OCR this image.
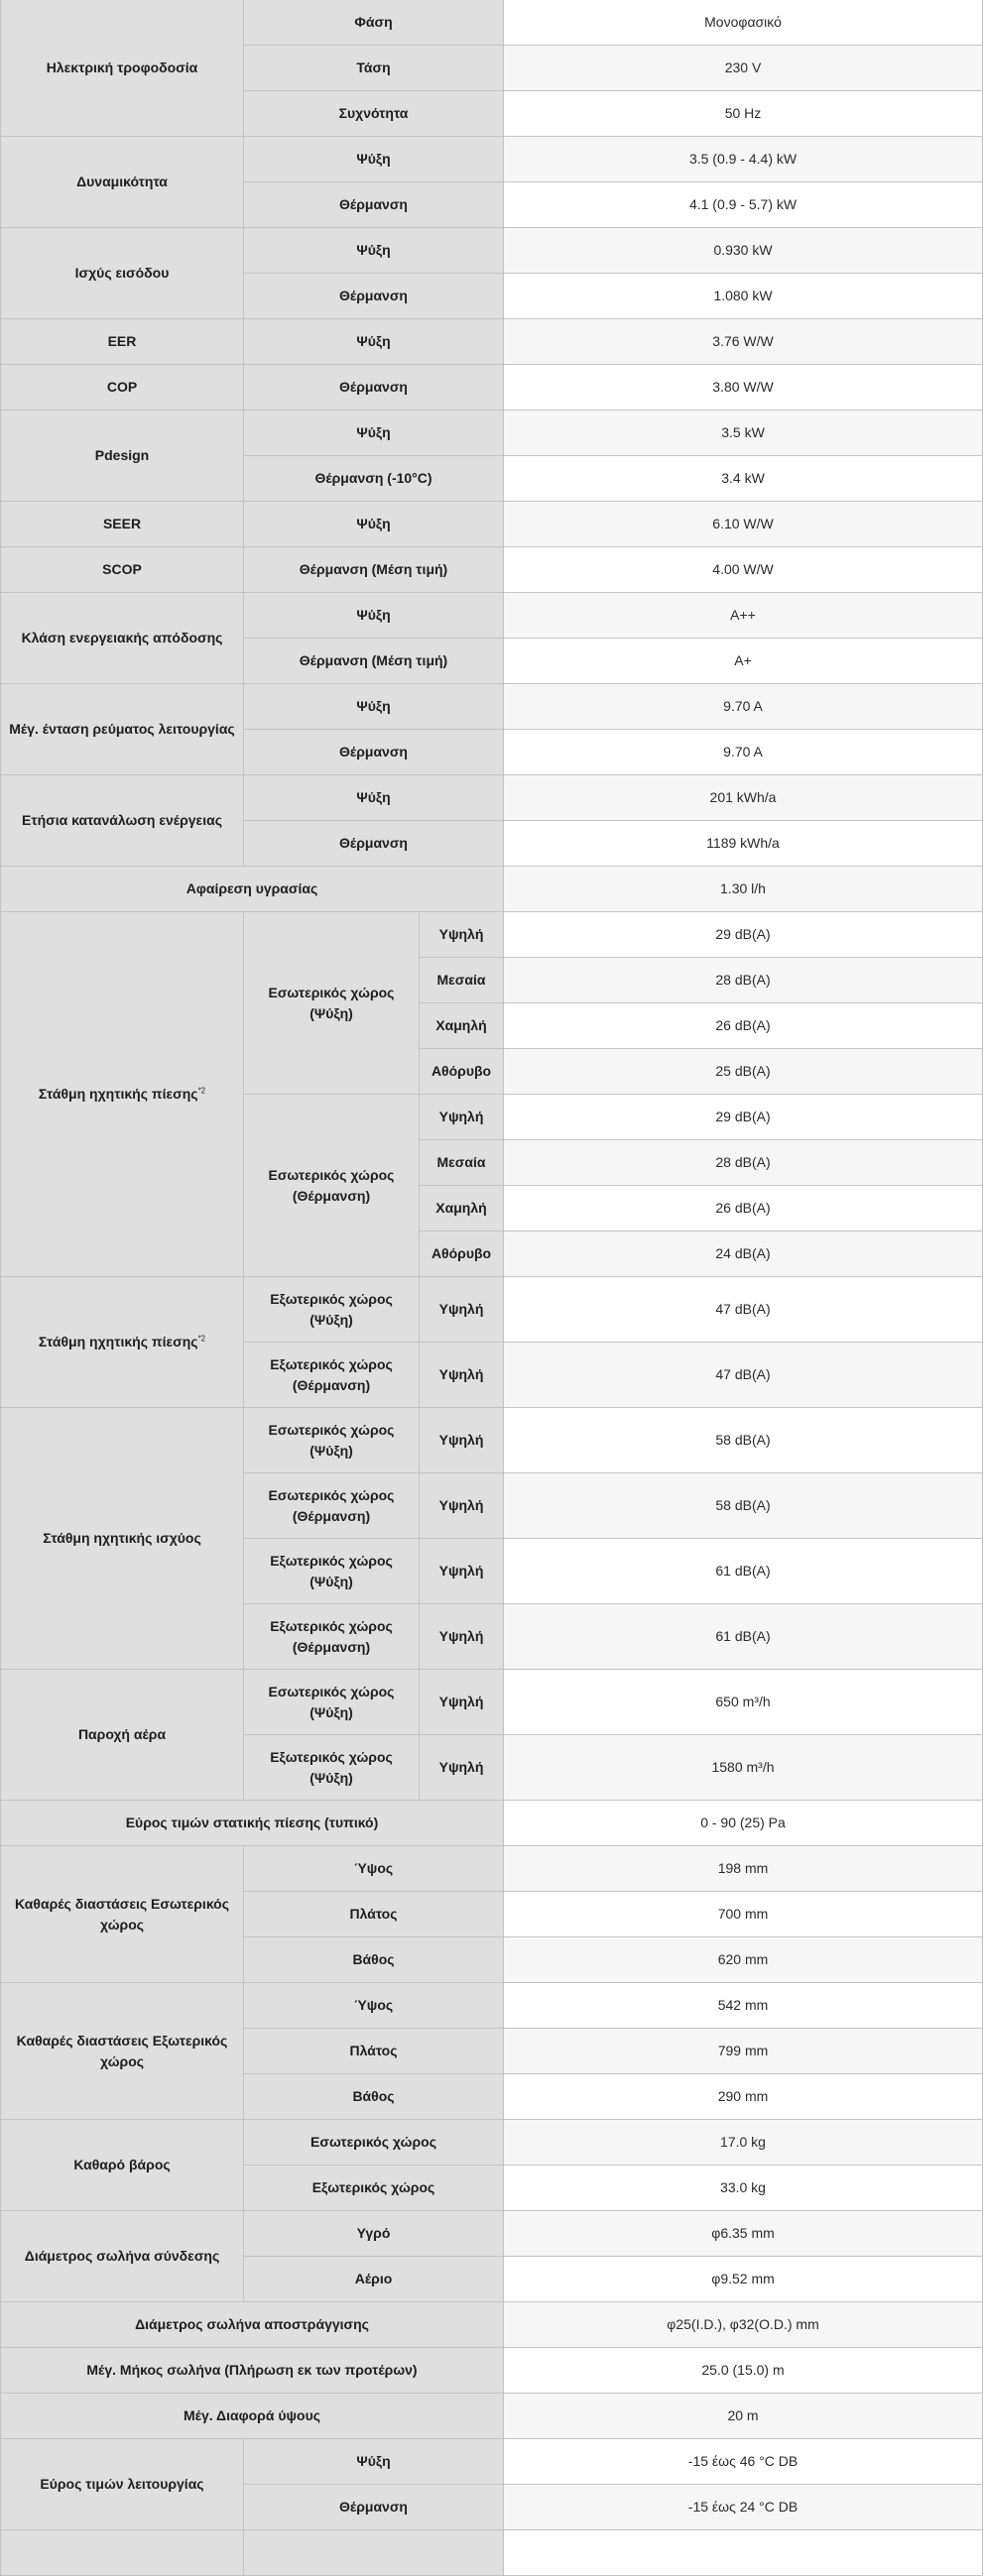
Ηλεκτρική τροφοδοσία	Φάση		Μονοφασικό
	Τάση		230 V
	Συχνότητα		50 Hz
Δυναμικότητα	Ψύξη		3.5 (0.9 - 4.4) kW
	Θέρμανση		4.1 (0.9 - 5.7) kW
Ισχύς εισόδου	Ψύξη		0.930 kW
	Θέρμανση		1.080 kW
EER	Ψύξη		3.76 W/W
COP	Θέρμανση		3.80 W/W
Pdesign	Ψύξη		3.5 kW
	Θέρμανση (-10°C)		3.4 kW
SEER	Ψύξη		6.10 W/W
SCOP	Θέρμανση (Μέση τιμή)		4.00 W/W
Κλάση ενεργειακής απόδοσης	Ψύξη		A++
	Θέρμανση (Μέση τιμή)		A+
Μέγ. ένταση ρεύματος λειτουργίας	Ψύξη		9.70 A
	Θέρμανση		9.70 A
Ετήσια κατανάλωση ενέργειας	Ψύξη		201 kWh/a
	Θέρμανση		1189 kWh/a
Αφαίρεση υγρασίας			1.30 l/h
Στάθμη ηχητικής πίεσης$^{*2}$	Εσωτερικός χώρος (Ψύξη)	Υψηλή	29 dB(A)
		Μεσαία	28 dB(A)
		Χαμηλή	26 dB(A)
		Αθόρυβο	25 dB(A)
	Εσωτερικός χώρος (Θέρμανση)	Υψηλή	29 dB(A)
		Μεσαία	28 dB(A)
		Χαμηλή	26 dB(A)
		Αθόρυβο	24 dB(A)
Στάθμη ηχητικής πίεσης$^{*2}$	Εξωτερικός χώρος (Ψύξη)	Υψηλή	47 dB(A)
	Εξωτερικός χώρος (Θέρμανση)	Υψηλή	47 dB(A)
Στάθμη ηχητικής ισχύος	Εσωτερικός χώρος (Ψύξη)	Υψηλή	58 dB(A)
	Εσωτερικός χώρος (Θέρμανση)	Υψηλή	58 dB(A)
	Εξωτερικός χώρος (Ψύξη)	Υψηλή	61 dB(A)
	Εξωτερικός χώρος (Θέρμανση)	Υψηλή	61 dB(A)
Παροχή αέρα	Εσωτερικός χώρος (Ψύξη)	Υψηλή	650 m³/h
	Εξωτερικός χώρος (Ψύξη)	Υψηλή	1580 m³/h
Εύρος τιμών στατικής πίεσης (τυπικό)			0 - 90 (25) Pa
Καθαρές διαστάσεις Εσωτερικός χώρος	Ύψος		198 mm
	Πλάτος		700 mm
	Βάθος		620 mm
Καθαρές διαστάσεις Εξωτερικός χώρος	Ύψος		542 mm
	Πλάτος		799 mm
	Βάθος		290 mm
Καθαρό βάρος	Εσωτερικός χώρος		17.0 kg
	Εξωτερικός χώρος		33.0 kg
Διάμετρος σωλήνα σύνδεσης	Υγρό		φ6.35 mm
	Αέριο		φ9.52 mm
Διάμετρος σωλήνα αποστράγγισης			φ25(I.D.), φ32(O.D.) mm
Μέγ. Μήκος σωλήνα (Πλήρωση εκ των προτέρων)			25.0 (15.0) m
Μέγ. Διαφορά ύψους			20 m
Εύρος τιμών λειτουργίας	Ψύξη		-15 έως 46 °C DB
	Θέρμανση		-15 έως 24 °C DB
